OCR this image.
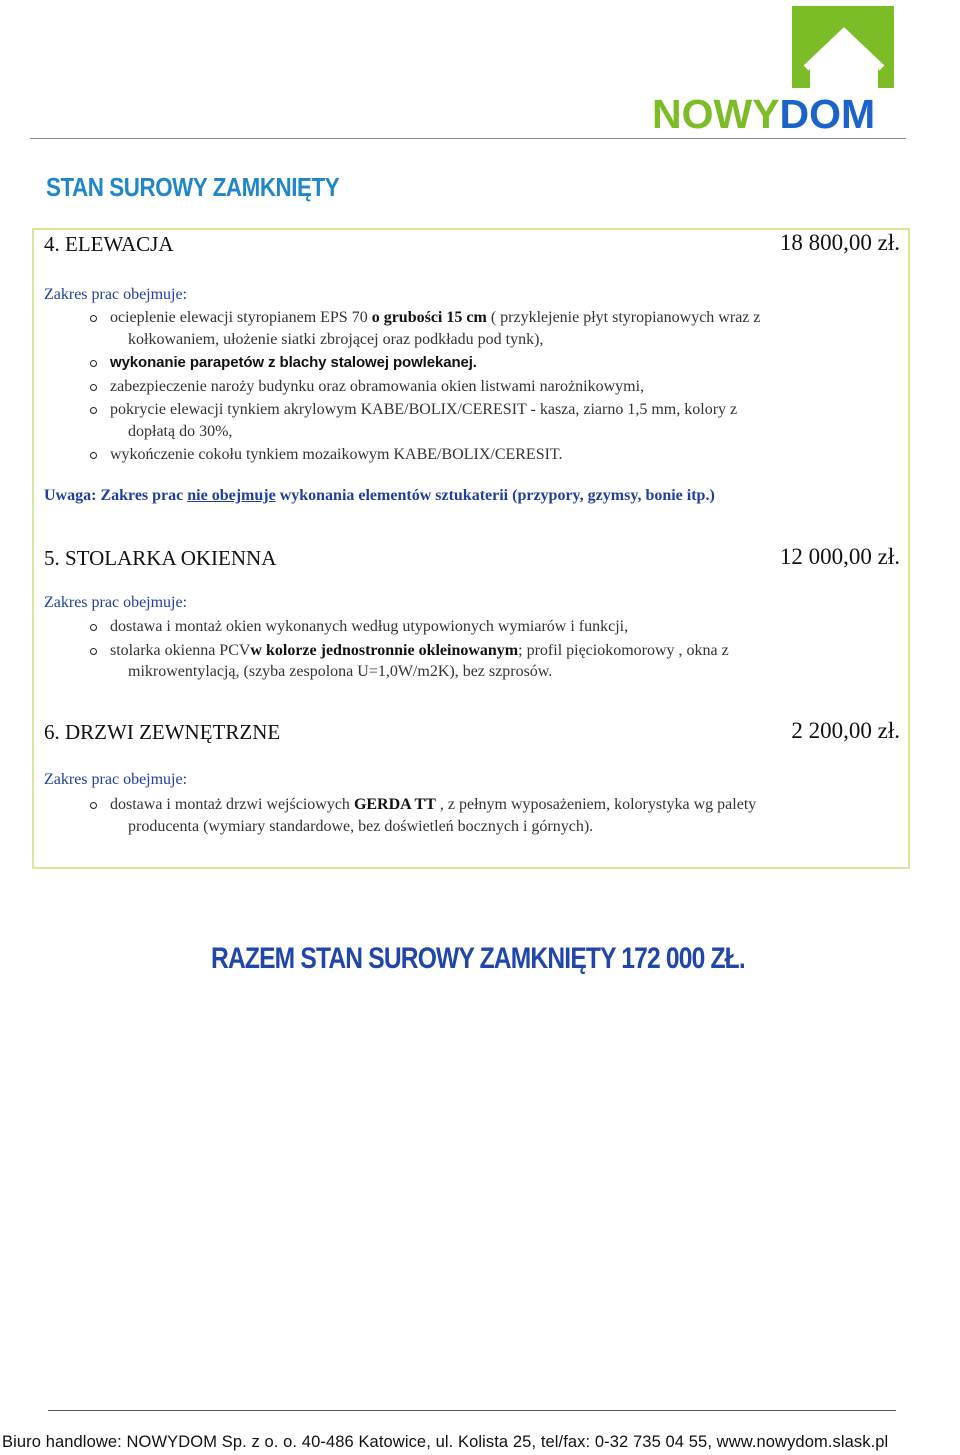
NOWYDOM
STAN SUROWY ZAMKNIĘTY
4. ELEWACJA	18 800,00 zł.
Zakres prac obejmuje:
ocieplenie elewacji styropianem EPS 70 o grubości 15 cm ( przyklejenie płyt styropianowych wraz z
kołkowaniem, ułożenie siatki zbrojącej oraz podkładu pod tynk),
wykonanie parapetów z blachy stalowej powlekanej.
zabezpieczenie naroży budynku oraz obramowania okien listwami narożnikowymi,
pokrycie elewacji tynkiem akrylowym KABE/BOLIX/CERESIT - kasza, ziarno 1,5 mm, kolory z
dopłatą do 30%,
wykończenie cokołu tynkiem mozaikowym KABE/BOLIX/CERESIT.
Uwaga: Zakres prac nie obejmuje wykonania elementów sztukaterii (przypory, gzymsy, bonie itp.)
5. STOLARKA OKIENNA	12 000,00 zł.
Zakres prac obejmuje:
dostawa i montaż okien wykonanych według utypowionych wymiarów i funkcji,
stolarka okienna PCVw kolorze jednostronnie okleinowanym; profil pięciokomorowy , okna z
mikrowentylacją, (szyba zespolona U=1,0W/m2K), bez szprosów.
6. DRZWI ZEWNĘTRZNE	2 200,00 zł.
Zakres prac obejmuje:
dostawa i montaż drzwi wejściowych GERDA TT , z pełnym wyposażeniem, kolorystyka wg palety
producenta (wymiary standardowe, bez doświetleń bocznych i górnych).
RAZEM STAN SUROWY ZAMKNIĘTY 172 000 ZŁ.
Biuro handlowe: NOWYDOM Sp. z o. o. 40-486 Katowice, ul. Kolista 25, tel/fax: 0-32 735 04 55, www.nowydom.slask.pl
